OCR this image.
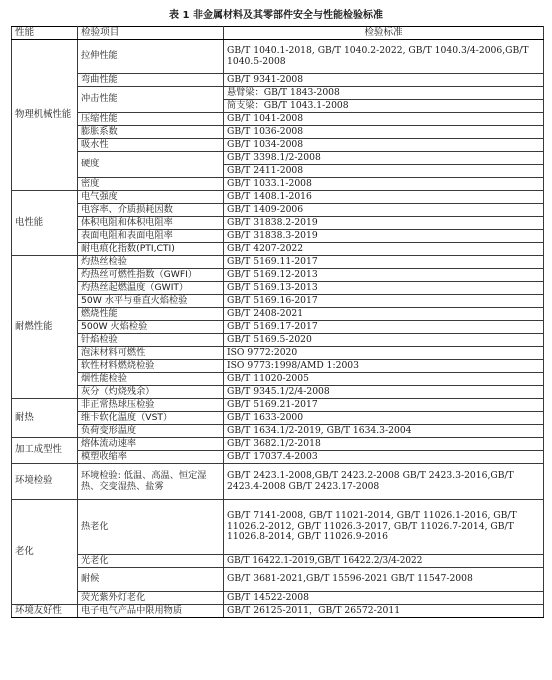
表 1 非金属材料及其零部件安全与性能检验标准
性能	检验项目	检验标准
物理机械性能	拉伸性能	GB/T 1040.1-2018, GB/T 1040.2-2022, GB/T 1040.3/4-2006,GB/T 1040.5-2008
	弯曲性能	GB/T 9341-2008
	冲击性能	悬臂梁：GB/T 1843-2008
		简支梁：GB/T 1043.1-2008
	压缩性能	GB/T 1041-2008
	膨胀系数	GB/T 1036-2008
	吸水性	GB/T 1034-2008
	硬度	GB/T 3398.1/2-2008
		GB/T 2411-2008
	密度	GB/T 1033.1-2008
电性能	电气强度	GB/T 1408.1-2016
	电容率、介质损耗因数	GB/T 1409-2006
	体积电阻和体积电阻率	GB/T 31838.2-2019
	表面电阻和表面电阻率	GB/T 31838.3-2019
	耐电痕化指数(PTI,CTI)	GB/T 4207-2022
耐燃性能	灼热丝检验	GB/T 5169.11-2017
	灼热丝可燃性指数（GWFI）	GB/T 5169.12-2013
	灼热丝起燃温度（GWIT）	GB/T 5169.13-2013
	50W 水平与垂直火焰检验	GB/T 5169.16-2017
	燃烧性能	GB/T 2408-2021
	500W 火焰检验	GB/T 5169.17-2017
	针焰检验	GB/T 5169.5-2020
	泡沫材料可燃性	ISO 9772:2020
	软性材料燃烧检验	ISO 9773:1998/AMD 1:2003
	烟性能检验	GB/T 11020-2005
	灰分（灼烧残余）	GB/T 9345.1/2/4-2008
耐热	非正常热球压检验	GB/T 5169.21-2017
	维卡软化温度（VST）	GB/T 1633-2000
	负荷变形温度	GB/T 1634.1/2-2019, GB/T 1634.3-2004
加工成型性	熔体流动速率	GB/T 3682.1/2-2018
	模塑收缩率	GB/T 17037.4-2003
环境检验	环境检验: 低温、高温、恒定湿热、交变湿热、盐雾	GB/T 2423.1-2008,GB/T 2423.2-2008 GB/T 2423.3-2016,GB/T 2423.4-2008 GB/T 2423.17-2008
老化	热老化	GB/T 7141-2008, GB/T 11021-2014, GB/T 11026.1-2016, GB/T 11026.2-2012, GB/T 11026.3-2017, GB/T 11026.7-2014, GB/T 11026.8-2014, GB/T 11026.9-2016
	光老化	GB/T 16422.1-2019,GB/T 16422.2/3/4-2022
	耐候	GB/T 3681-2021,GB/T 15596-2021 GB/T 11547-2008
	荧光紫外灯老化	GB/T 14522-2008
环境友好性	电子电气产品中限用物质	GB/T 26125-2011，GB/T 26572-2011
